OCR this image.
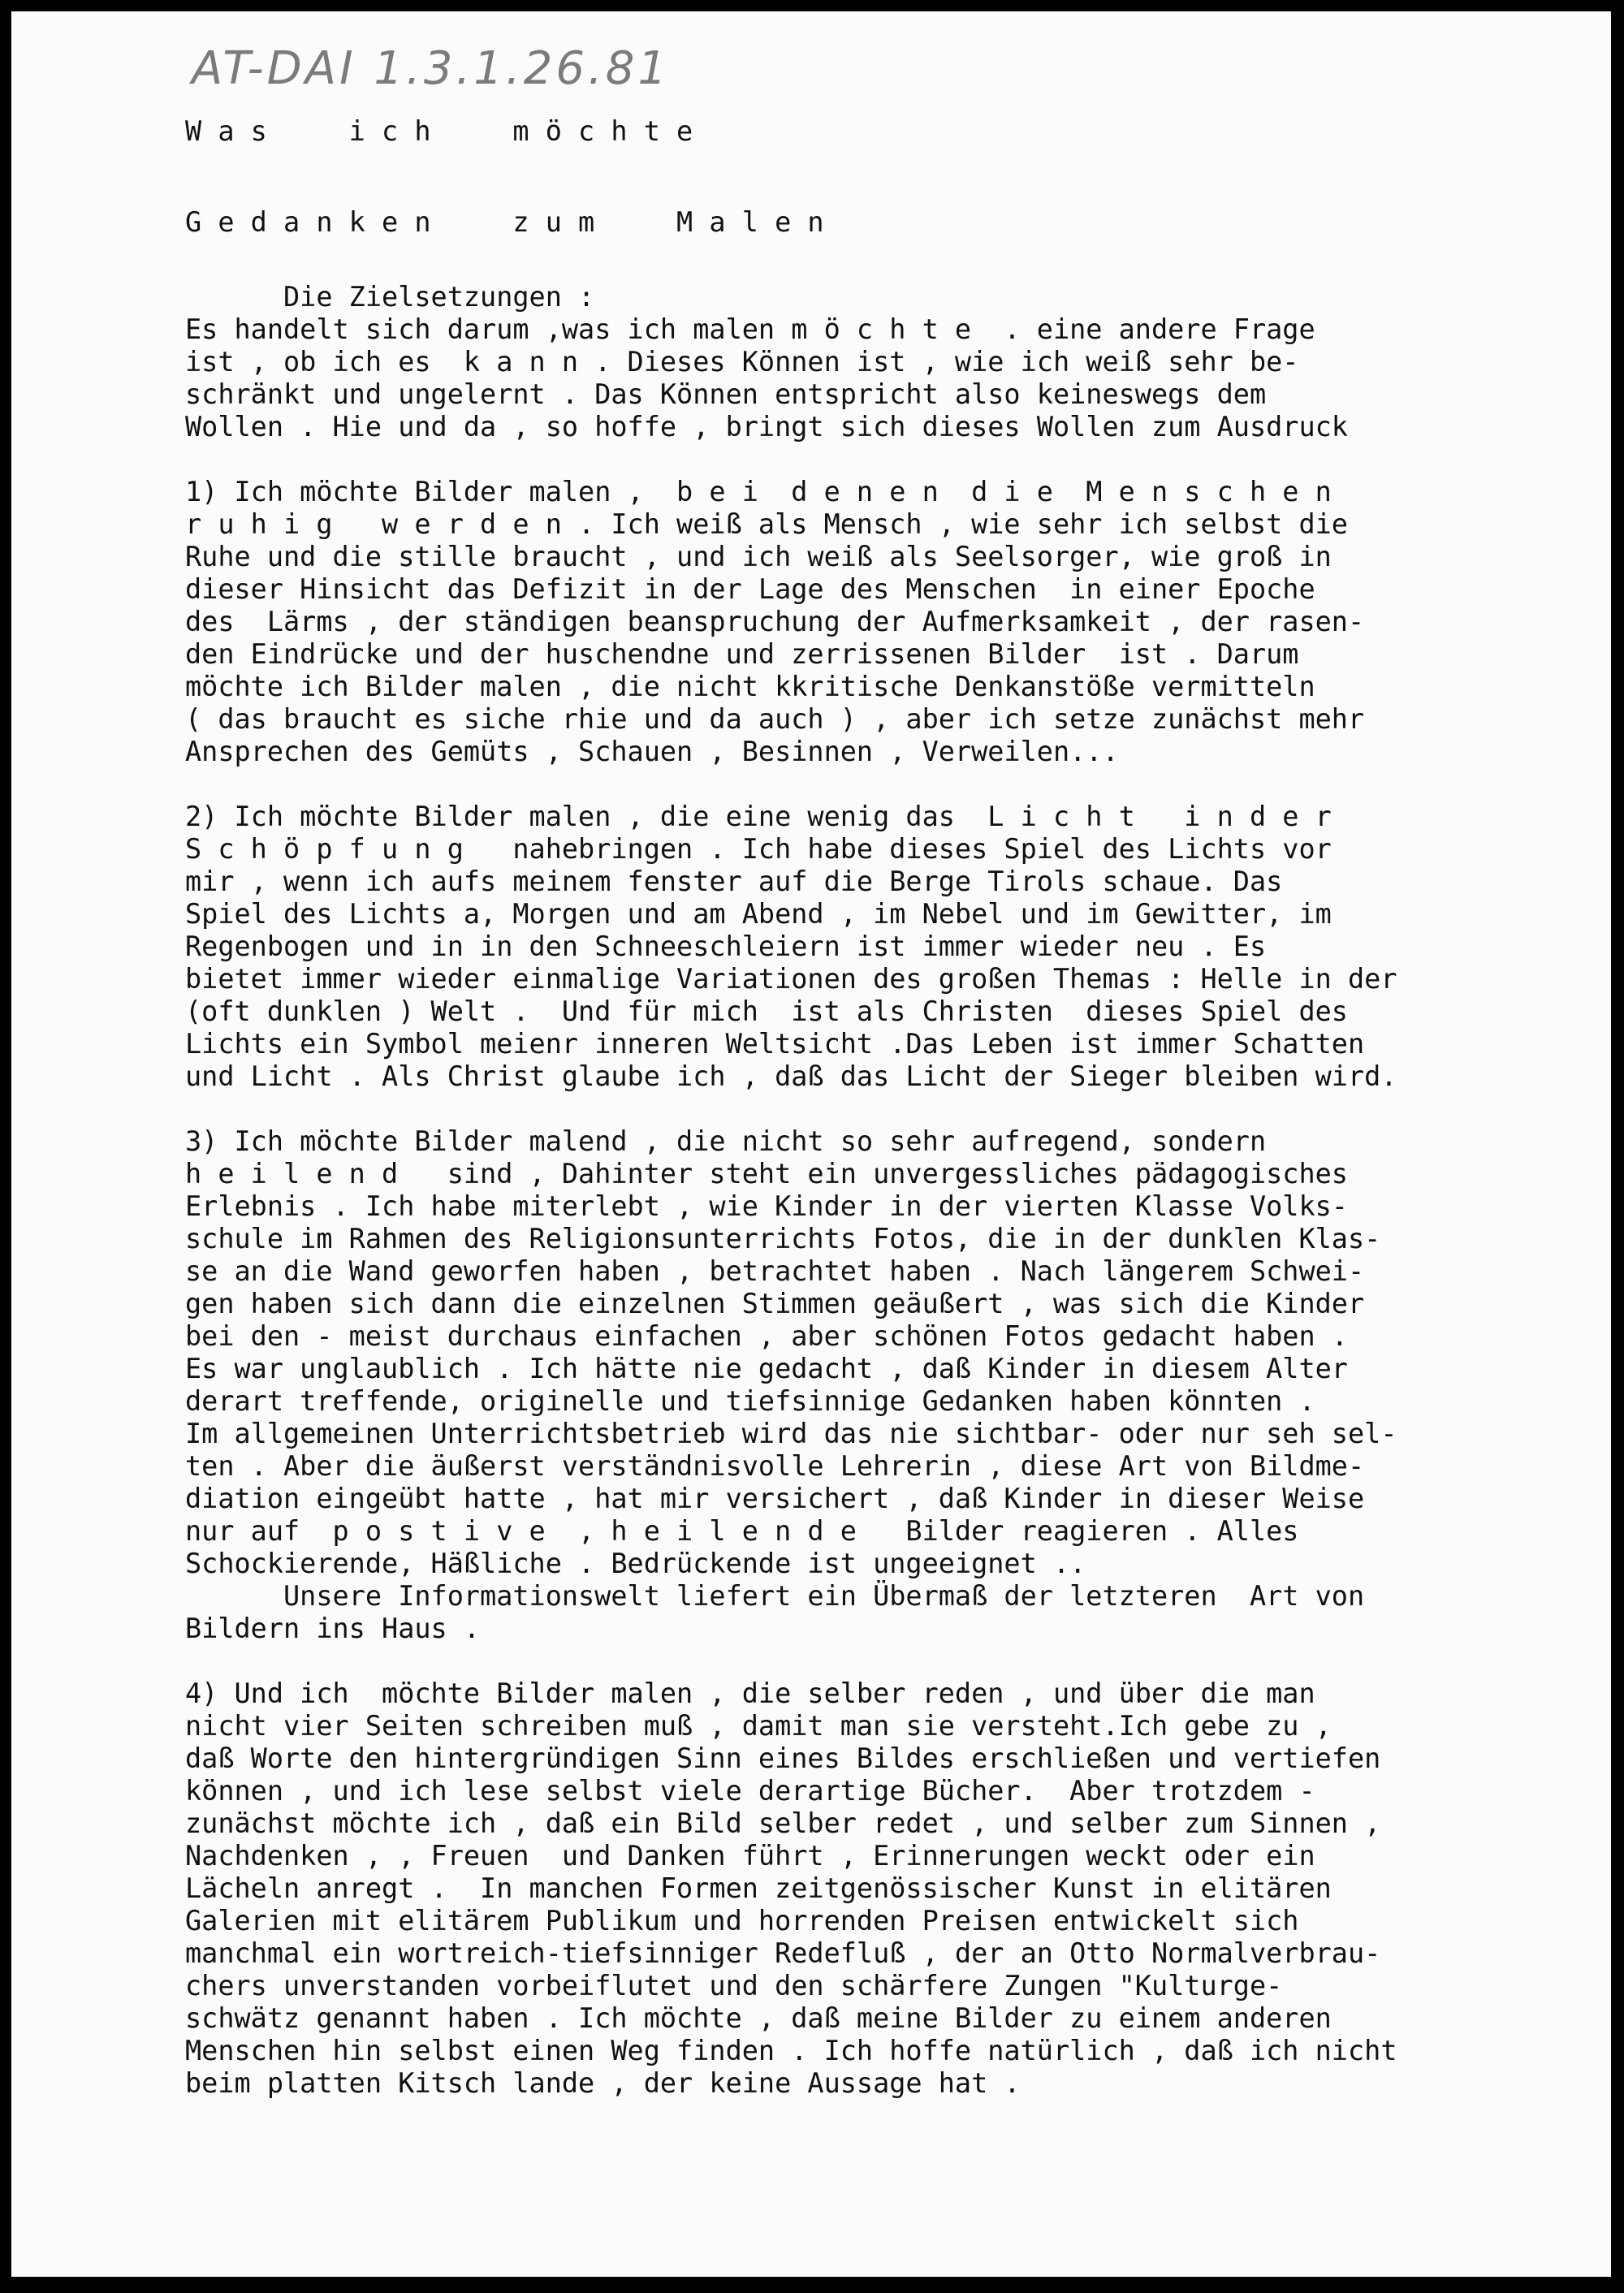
AT-DAI 1.3.1.26.81

W a s     i c h     m ö c h t e

G e d a n k e n     z u m     M a l e n

Die Zielsetzungen :

Es handelt sich darum ,was ich malen m ö c h t e  . eine andere Frage
ist , ob ich es  k a n n . Dieses Können ist , wie ich weiß sehr be-
schränkt und ungelernt . Das Können entspricht also keineswegs dem
Wollen . Hie und da , so hoffe , bringt sich dieses Wollen zum Ausdruck

1) Ich möchte Bilder malen ,  b e i  d e n e n  d i e  M e n s c h e n
r u h i g   w e r d e n . Ich weiß als Mensch , wie sehr ich selbst die
Ruhe und die stille braucht , und ich weiß als Seelsorger, wie groß in
dieser Hinsicht das Defizit in der Lage des Menschen  in einer Epoche
des  Lärms , der ständigen beanspruchung der Aufmerksamkeit , der rasen-
den Eindrücke und der huschendne und zerrissenen Bilder  ist . Darum
möchte ich Bilder malen , die nicht kkritische Denkanstöße vermitteln
( das braucht es siche rhie und da auch ) , aber ich setze zunächst mehr
Ansprechen des Gemüts , Schauen , Besinnen , Verweilen...

2) Ich möchte Bilder malen , die eine wenig das  L i c h t   i n d e r
S c h ö p f u n g   nahebringen . Ich habe dieses Spiel des Lichts vor
mir , wenn ich aufs meinem fenster auf die Berge Tirols schaue. Das
Spiel des Lichts a, Morgen und am Abend , im Nebel und im Gewitter, im
Regenbogen und in in den Schneeschleiern ist immer wieder neu . Es
bietet immer wieder einmalige Variationen des großen Themas : Helle in der
(oft dunklen ) Welt .  Und für mich  ist als Christen  dieses Spiel des
Lichts ein Symbol meienr inneren Weltsicht .Das Leben ist immer Schatten
und Licht . Als Christ glaube ich , daß das Licht der Sieger bleiben wird.

3) Ich möchte Bilder malend , die nicht so sehr aufregend, sondern
h e i l e n d   sind , Dahinter steht ein unvergessliches pädagogisches
Erlebnis . Ich habe miterlebt , wie Kinder in der vierten Klasse Volks-
schule im Rahmen des Religionsunterrichts Fotos, die in der dunklen Klas-
se an die Wand geworfen haben , betrachtet haben . Nach längerem Schwei-
gen haben sich dann die einzelnen Stimmen geäußert , was sich die Kinder
bei den - meist durchaus einfachen , aber schönen Fotos gedacht haben .
Es war unglaublich . Ich hätte nie gedacht , daß Kinder in diesem Alter
derart treffende, originelle und tiefsinnige Gedanken haben könnten .
Im allgemeinen Unterrichtsbetrieb wird das nie sichtbar- oder nur seh sel-
ten . Aber die äußerst verständnisvolle Lehrerin , diese Art von Bildme-
diation eingeübt hatte , hat mir versichert , daß Kinder in dieser Weise
nur auf  p o s t i v e  , h e i l e n d e   Bilder reagieren . Alles
Schockierende, Häßliche . Bedrückende ist ungeeignet ..
Unsere Informationswelt liefert ein Übermaß der letzteren  Art von
Bildern ins Haus .

4) Und ich  möchte Bilder malen , die selber reden , und über die man
nicht vier Seiten schreiben muß , damit man sie versteht.Ich gebe zu ,
daß Worte den hintergründigen Sinn eines Bildes erschließen und vertiefen
können , und ich lese selbst viele derartige Bücher.  Aber trotzdem -
zunächst möchte ich , daß ein Bild selber redet , und selber zum Sinnen ,
Nachdenken , , Freuen  und Danken führt , Erinnerungen weckt oder ein
Lächeln anregt .  In manchen Formen zeitgenössischer Kunst in elitären
Galerien mit elitärem Publikum und horrenden Preisen entwickelt sich
manchmal ein wortreich-tiefsinniger Redefluß , der an Otto Normalverbrau-
chers unverstanden vorbeiflutet und den schärfere Zungen "Kulturge-
schwätz genannt haben . Ich möchte , daß meine Bilder zu einem anderen
Menschen hin selbst einen Weg finden . Ich hoffe natürlich , daß ich nicht
beim platten Kitsch lande , der keine Aussage hat .
